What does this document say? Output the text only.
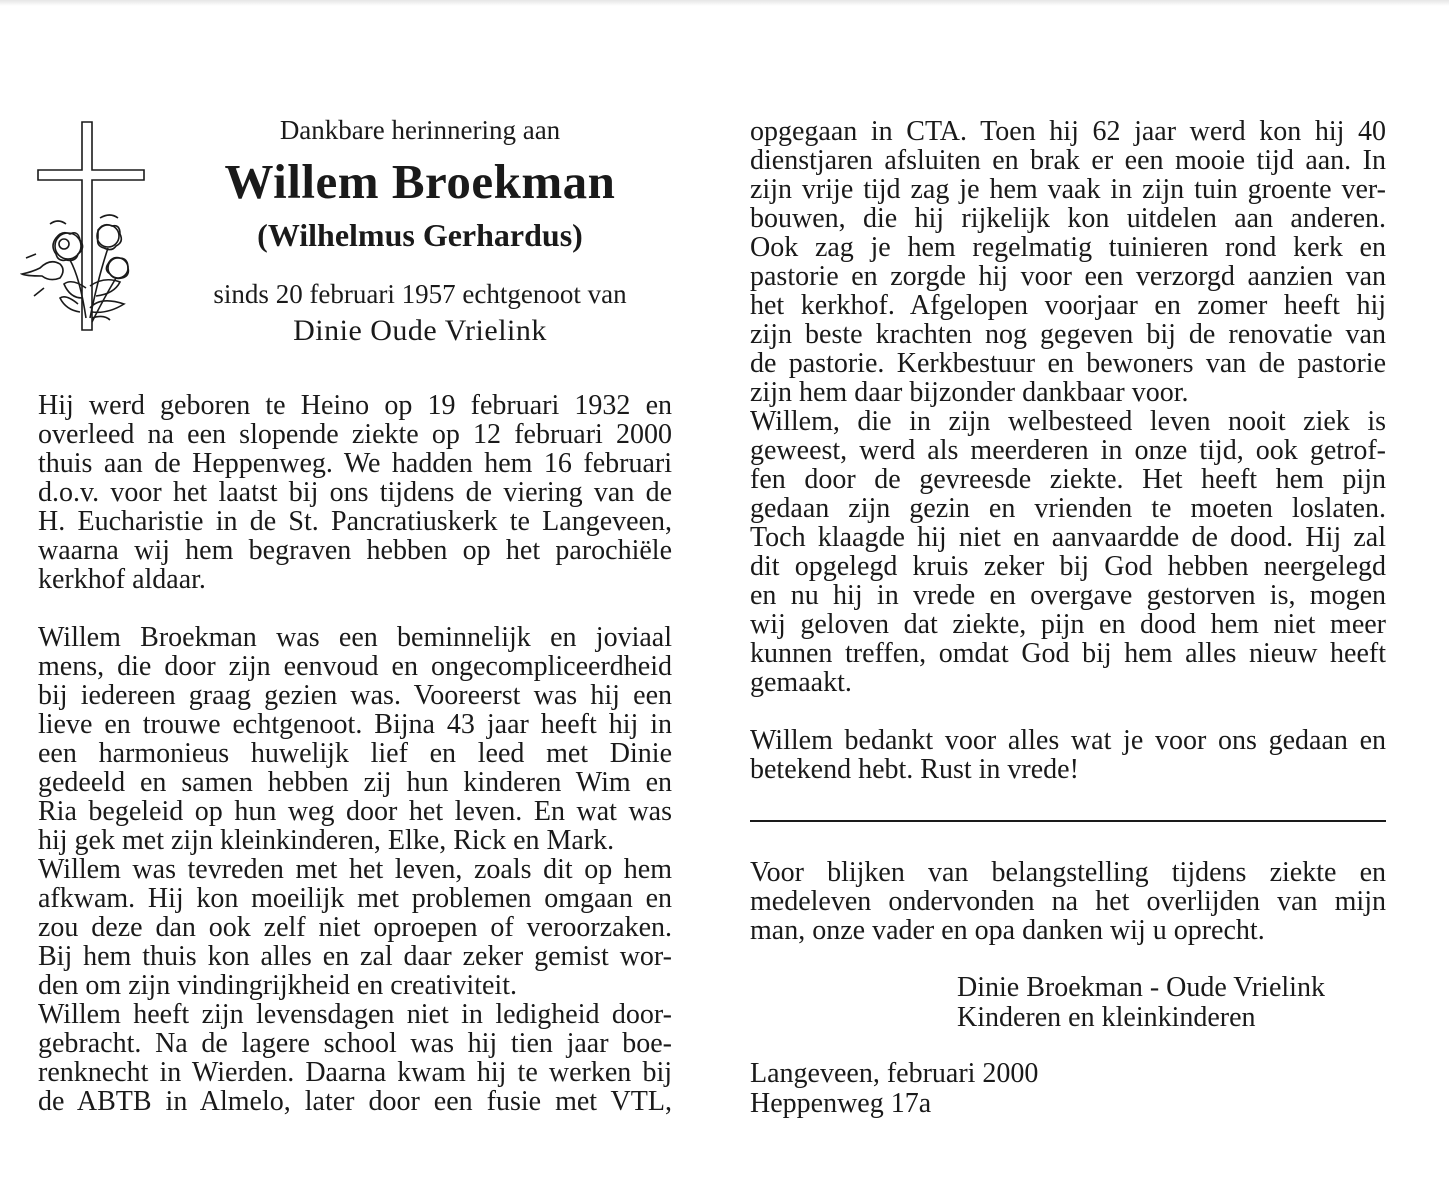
Dankbare herinnering aan
Willem Broekman
(Wilhelmus Gerhardus)
sinds 20 februari 1957 echtgenoot van
Dinie Oude Vrielink
Hij werd geboren te Heino op 19 februari 1932 en
overleed na een slopende ziekte op 12 februari 2000
thuis aan de Heppenweg. We hadden hem 16 februari
d.o.v. voor het laatst bij ons tijdens de viering van de
H. Eucharistie in de St. Pancratiuskerk te Langeveen,
waarna wij hem begraven hebben op het parochiële
kerkhof aldaar.
Willem Broekman was een beminnelijk en joviaal
mens, die door zijn eenvoud en ongecompliceerdheid
bij iedereen graag gezien was. Vooreerst was hij een
lieve en trouwe echtgenoot. Bijna 43 jaar heeft hij in
een harmonieus huwelijk lief en leed met Dinie
gedeeld en samen hebben zij hun kinderen Wim en
Ria begeleid op hun weg door het leven. En wat was
hij gek met zijn kleinkinderen, Elke, Rick en Mark.
Willem was tevreden met het leven, zoals dit op hem
afkwam. Hij kon moeilijk met problemen omgaan en
zou deze dan ook zelf niet oproepen of veroorzaken.
Bij hem thuis kon alles en zal daar zeker gemist wor-
den om zijn vindingrijkheid en creativiteit.
Willem heeft zijn levensdagen niet in ledigheid door-
gebracht. Na de lagere school was hij tien jaar boe-
renknecht in Wierden. Daarna kwam hij te werken bij
de ABTB in Almelo, later door een fusie met VTL,
opgegaan in CTA. Toen hij 62 jaar werd kon hij 40
dienstjaren afsluiten en brak er een mooie tijd aan. In
zijn vrije tijd zag je hem vaak in zijn tuin groente ver-
bouwen, die hij rijkelijk kon uitdelen aan anderen.
Ook zag je hem regelmatig tuinieren rond kerk en
pastorie en zorgde hij voor een verzorgd aanzien van
het kerkhof. Afgelopen voorjaar en zomer heeft hij
zijn beste krachten nog gegeven bij de renovatie van
de pastorie. Kerkbestuur en bewoners van de pastorie
zijn hem daar bijzonder dankbaar voor.
Willem, die in zijn welbesteed leven nooit ziek is
geweest, werd als meerderen in onze tijd, ook getrof-
fen door de gevreesde ziekte. Het heeft hem pijn
gedaan zijn gezin en vrienden te moeten loslaten.
Toch klaagde hij niet en aanvaardde de dood. Hij zal
dit opgelegd kruis zeker bij God hebben neergelegd
en nu hij in vrede en overgave gestorven is, mogen
wij geloven dat ziekte, pijn en dood hem niet meer
kunnen treffen, omdat God bij hem alles nieuw heeft
gemaakt.
Willem bedankt voor alles wat je voor ons gedaan en
betekend hebt. Rust in vrede!
Voor blijken van belangstelling tijdens ziekte en
medeleven ondervonden na het overlijden van mijn
man, onze vader en opa danken wij u oprecht.
Dinie Broekman - Oude Vrielink
Kinderen en kleinkinderen
Langeveen, februari 2000
Heppenweg 17a
